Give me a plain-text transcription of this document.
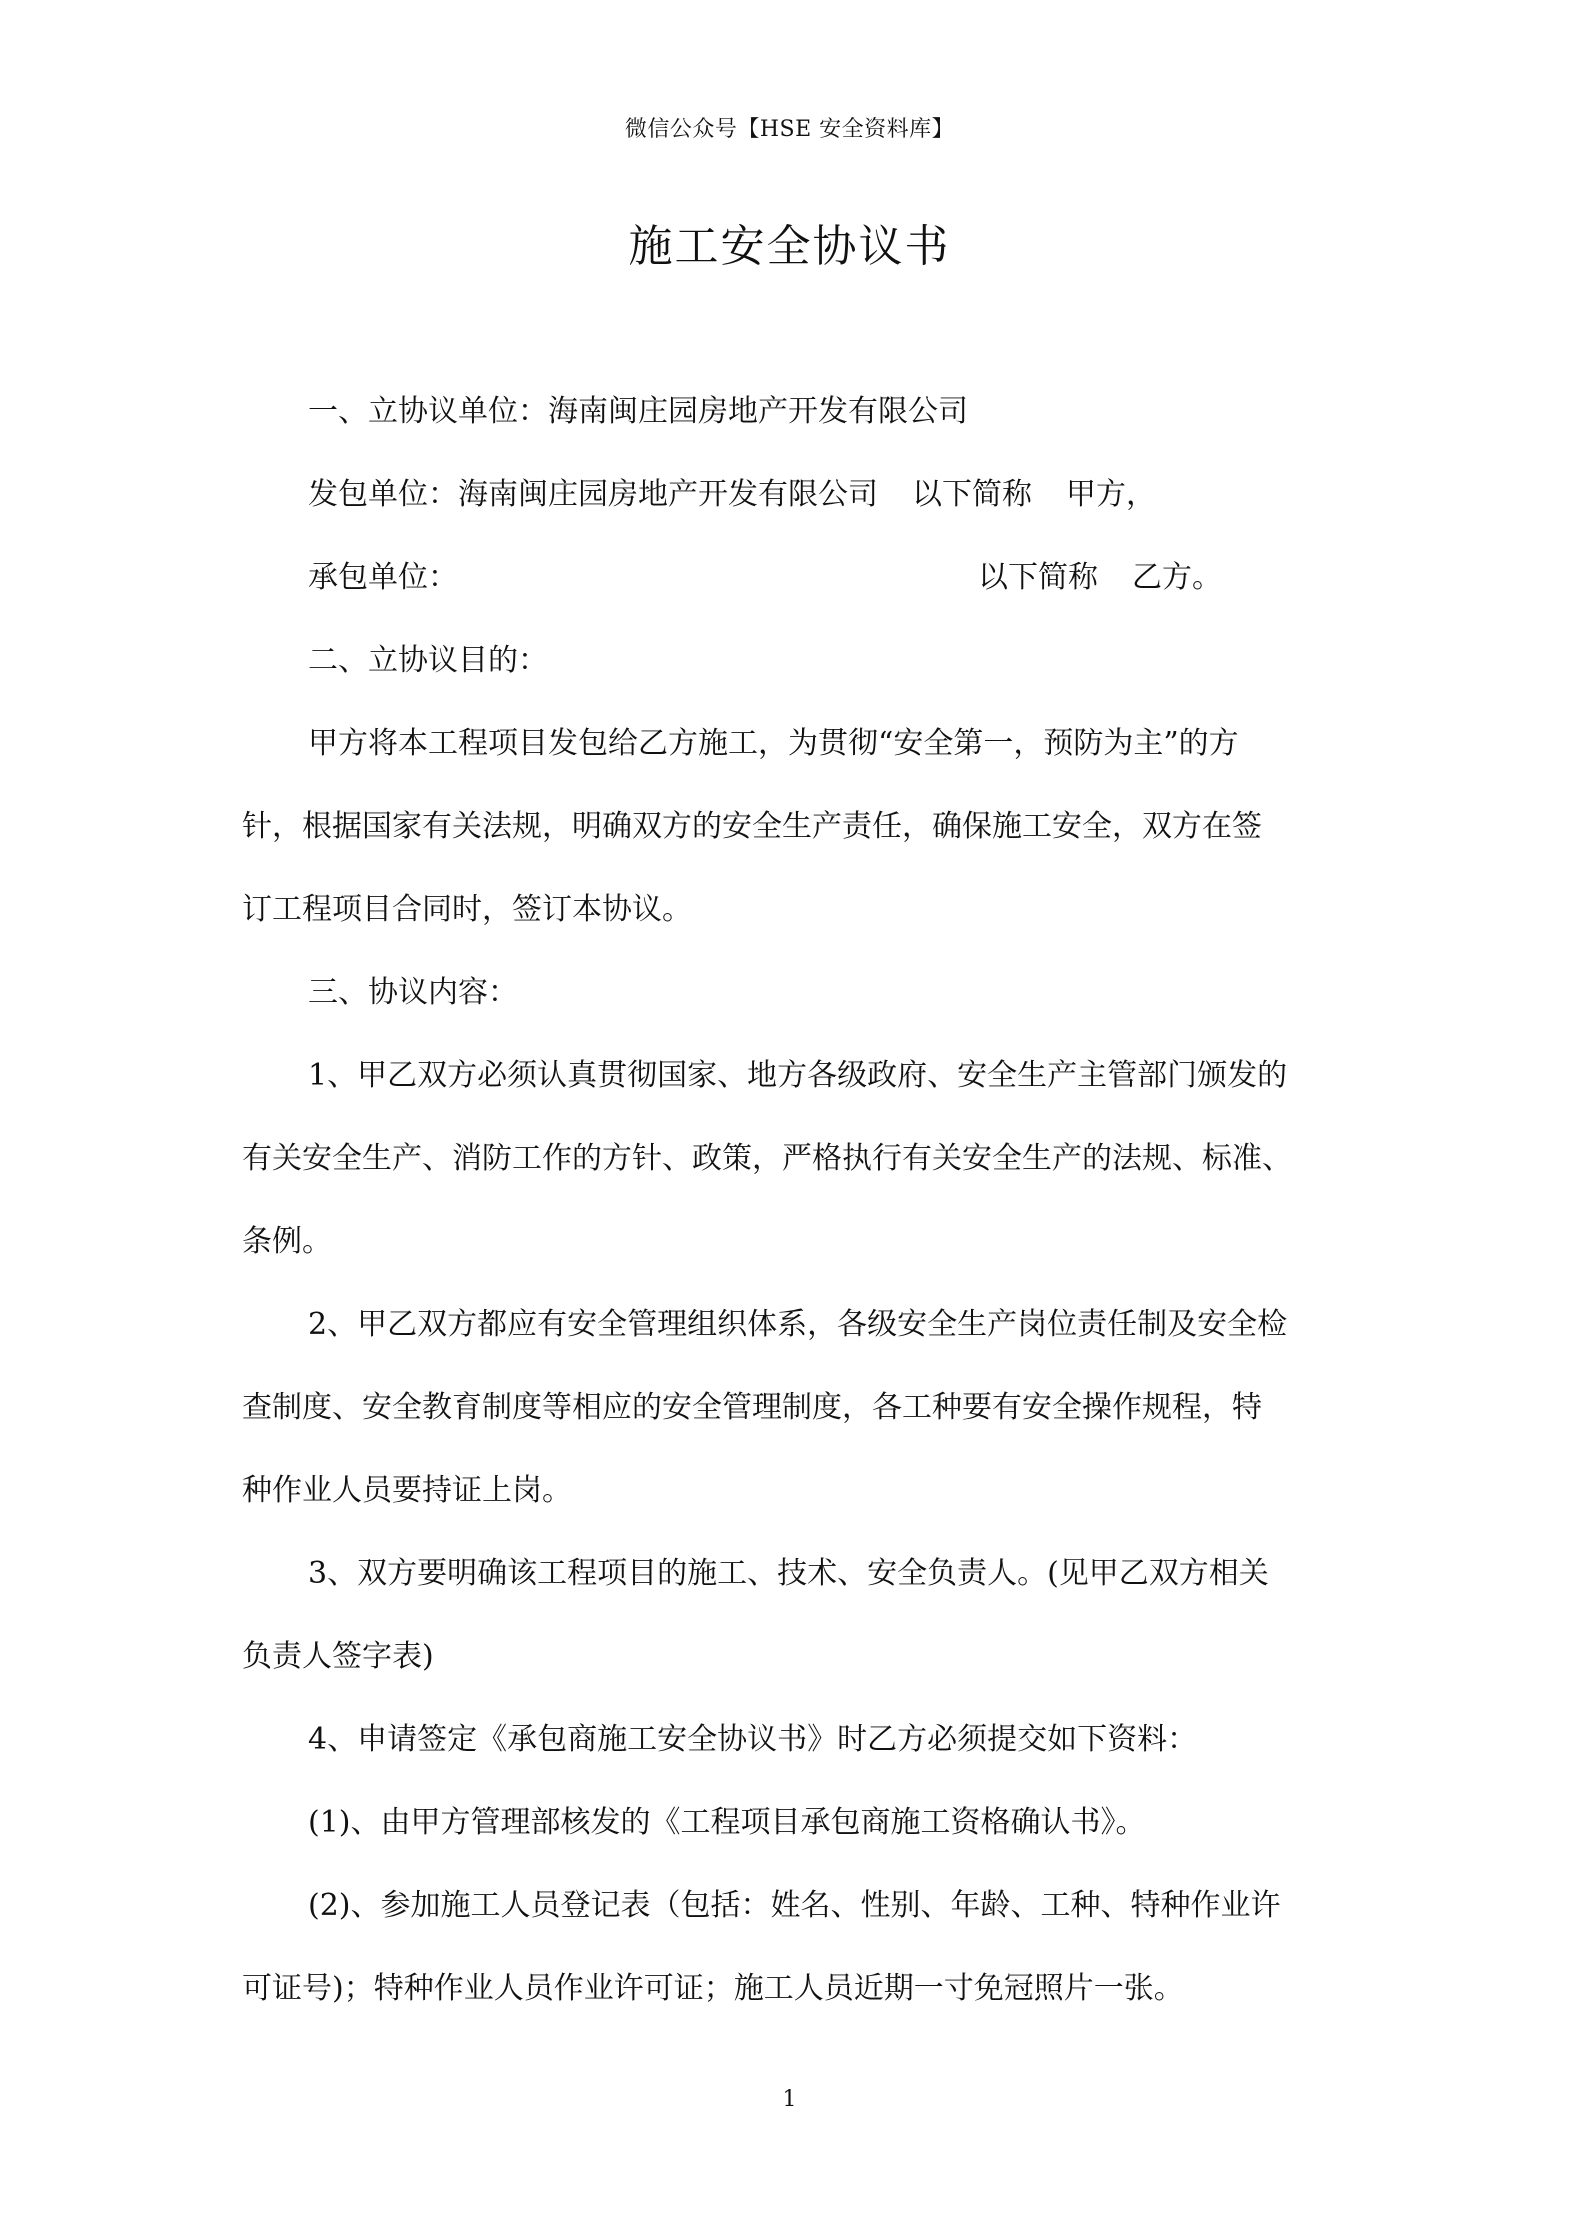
微信公众号【HSE 安全资料库】
施工安全协议书

一、立协议单位：海南闽庄园房地产开发有限公司

发包单位：海南闽庄园房地产开发有限公司 以下简称 甲方，

承包单位：	以下简称 乙方。

二、立协议目的：

甲方将本工程项目发包给乙方施工，为贯彻“安全第一，预防为主”的方

针，根据国家有关法规，明确双方的安全生产责任，确保施工安全，双方在签

订工程项目合同时，签订本协议。

三、协议内容：

1、甲乙双方必须认真贯彻国家、地方各级政府、安全生产主管部门颁发的

有关安全生产、消防工作的方针、政策，严格执行有关安全生产的法规、标准、

条例。

2、甲乙双方都应有安全管理组织体系，各级安全生产岗位责任制及安全检

查制度、安全教育制度等相应的安全管理制度，各工种要有安全操作规程，特

种作业人员要持证上岗。

3、双方要明确该工程项目的施工、技术、安全负责人。(见甲乙双方相关

负责人签字表)

4、申请签定《承包商施工安全协议书》时乙方必须提交如下资料：

(1)、由甲方管理部核发的《工程项目承包商施工资格确认书》。

(2)、参加施工人员登记表（包括：姓名、性别、年龄、工种、特种作业许

可证号)；特种作业人员作业许可证；施工人员近期一寸免冠照片一张。

1
